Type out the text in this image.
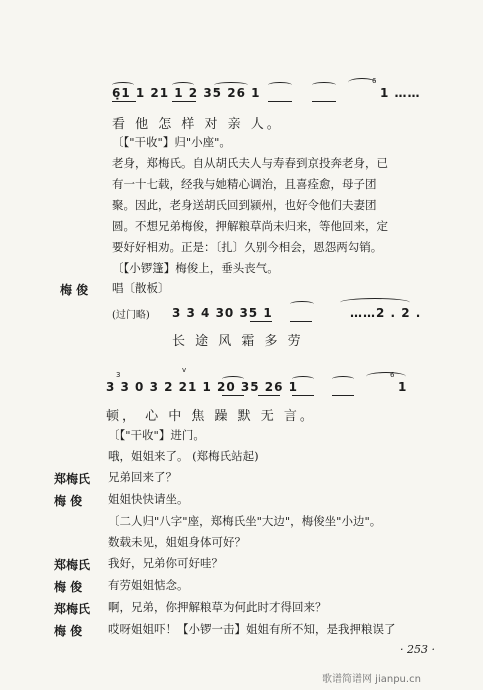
6̣1 1 21 1 2 35 26 1
6
1 ……
看 他 怎 样 对 亲 人。
〔【"干收"】归"小座"。
老身，郑梅氏。自从胡氏夫人与寿春到京投奔老身，已
有一十七载，经我与她精心调治，且喜痊愈，母子团
聚。因此，老身送胡氏回到颍州，也好令他们夫妻团
圆。不想兄弟梅俊，押解粮草尚未归来，等他回来，定
要好好相劝。正是：〔扎〕久别今相会，恩怨两勾销。
〔【小锣篷】梅俊上，垂头丧气。
梅 俊 唱〔散板〕
(过门略) 3 3 4 30 35 1	……2 . 2 .
长 途 风 霜 多 劳
v
3 3 0 3 2 21 1 20 35 26 1
3	6
1
顿， 心 中 焦 躁 默 无 言。
〔【"干收"】进门。
哦，姐姐来了。 (郑梅氏站起)
郑梅氏 兄弟回来了？
梅 俊 姐姐快快请坐。
〔二人归"八字"座，郑梅氏坐"大边"，梅俊坐"小边"。
数载未见，姐姐身体可好？
郑梅氏 我好，兄弟你可好哇？
梅 俊 有劳姐姐惦念。
郑梅氏 啊，兄弟，你押解粮草为何此时才得回来？
梅 俊 哎呀姐姐吓！【小锣一击】姐姐有所不知，是我押粮误了
· 253 ·
歌谱简谱网 jianpu.cn
